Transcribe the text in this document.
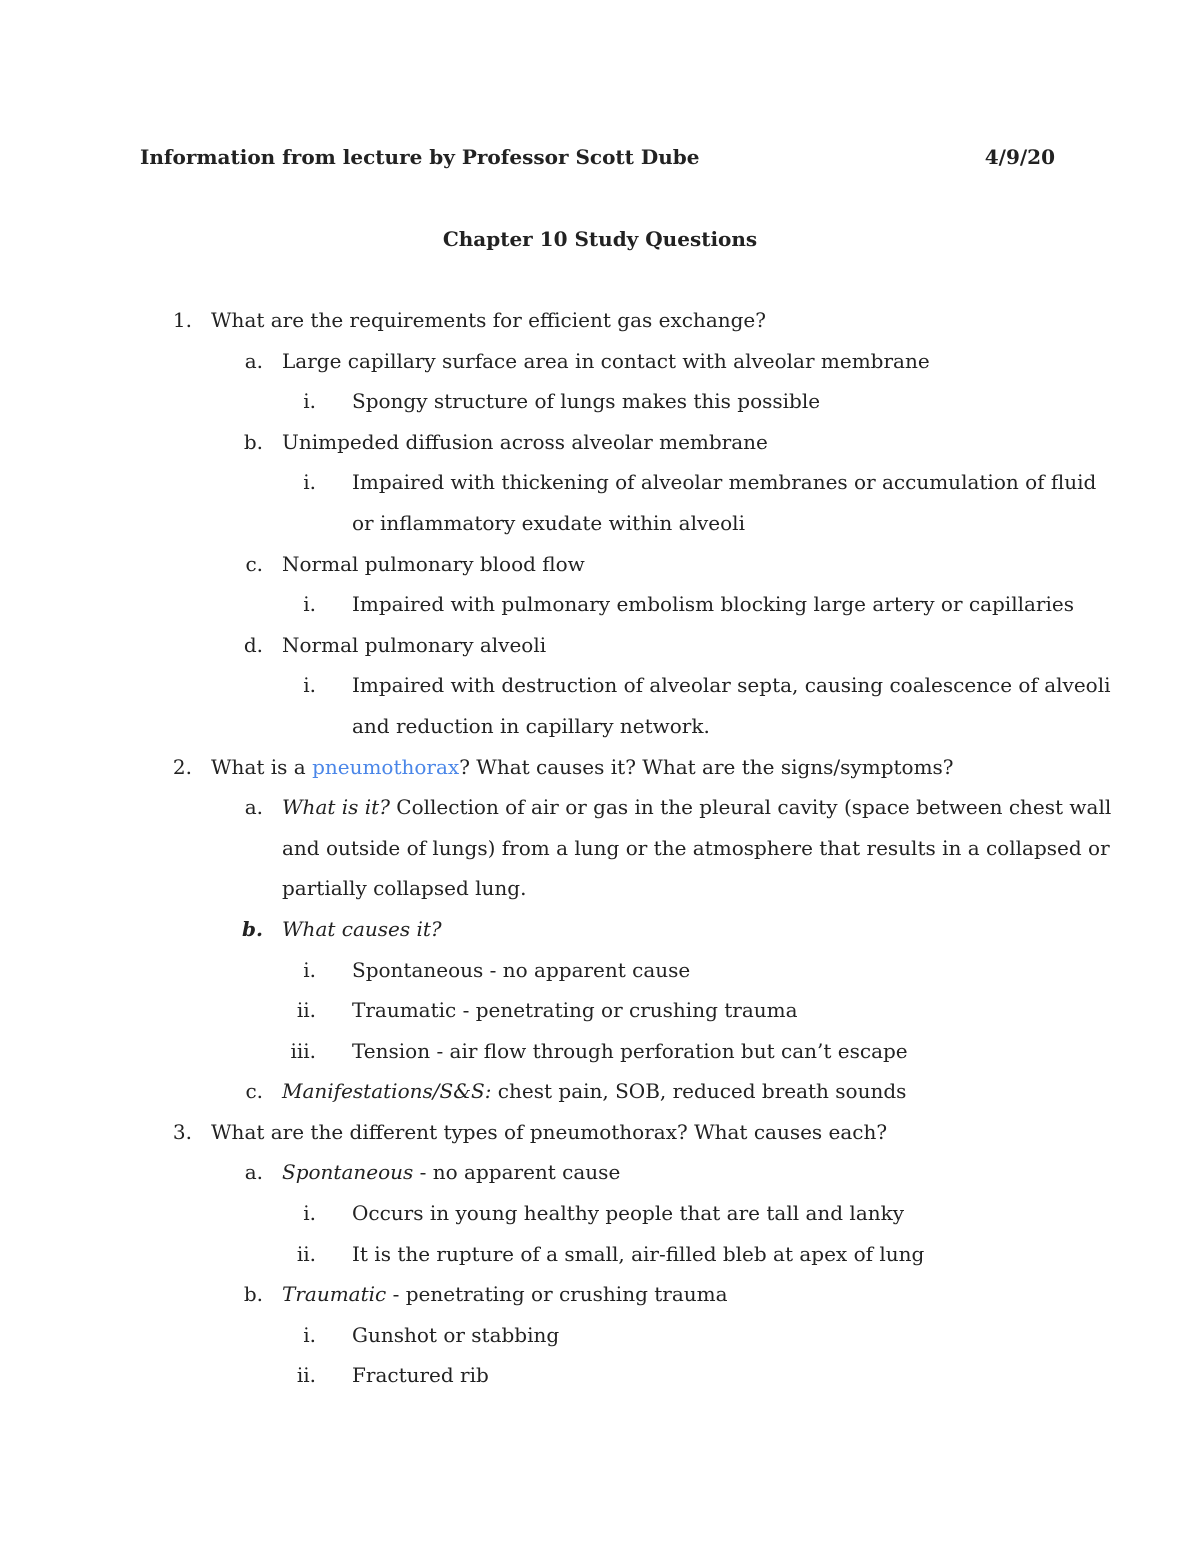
Information from lecture by Professor Scott Dube	4/9/20
Chapter 10 Study Questions
1. What are the requirements for efficient gas exchange?
a. Large capillary surface area in contact with alveolar membrane
i. Spongy structure of lungs makes this possible
b. Unimpeded diffusion across alveolar membrane
i. Impaired with thickening of alveolar membranes or accumulation of fluid
or inflammatory exudate within alveoli
c. Normal pulmonary blood flow
i. Impaired with pulmonary embolism blocking large artery or capillaries
d. Normal pulmonary alveoli
i. Impaired with destruction of alveolar septa, causing coalescence of alveoli
and reduction in capillary network.
2. What is a pneumothorax? What causes it? What are the signs/symptoms?
a. What is it? Collection of air or gas in the pleural cavity (space between chest wall
and outside of lungs) from a lung or the atmosphere that results in a collapsed or
partially collapsed lung.
b. What causes it?
i. Spontaneous - no apparent cause
ii. Traumatic - penetrating or crushing trauma
iii. Tension - air flow through perforation but can’t escape
c. Manifestations/S&S: chest pain, SOB, reduced breath sounds
3. What are the different types of pneumothorax? What causes each?
a. Spontaneous - no apparent cause
i. Occurs in young healthy people that are tall and lanky
ii. It is the rupture of a small, air-filled bleb at apex of lung
b. Traumatic - penetrating or crushing trauma
i. Gunshot or stabbing
ii. Fractured rib
